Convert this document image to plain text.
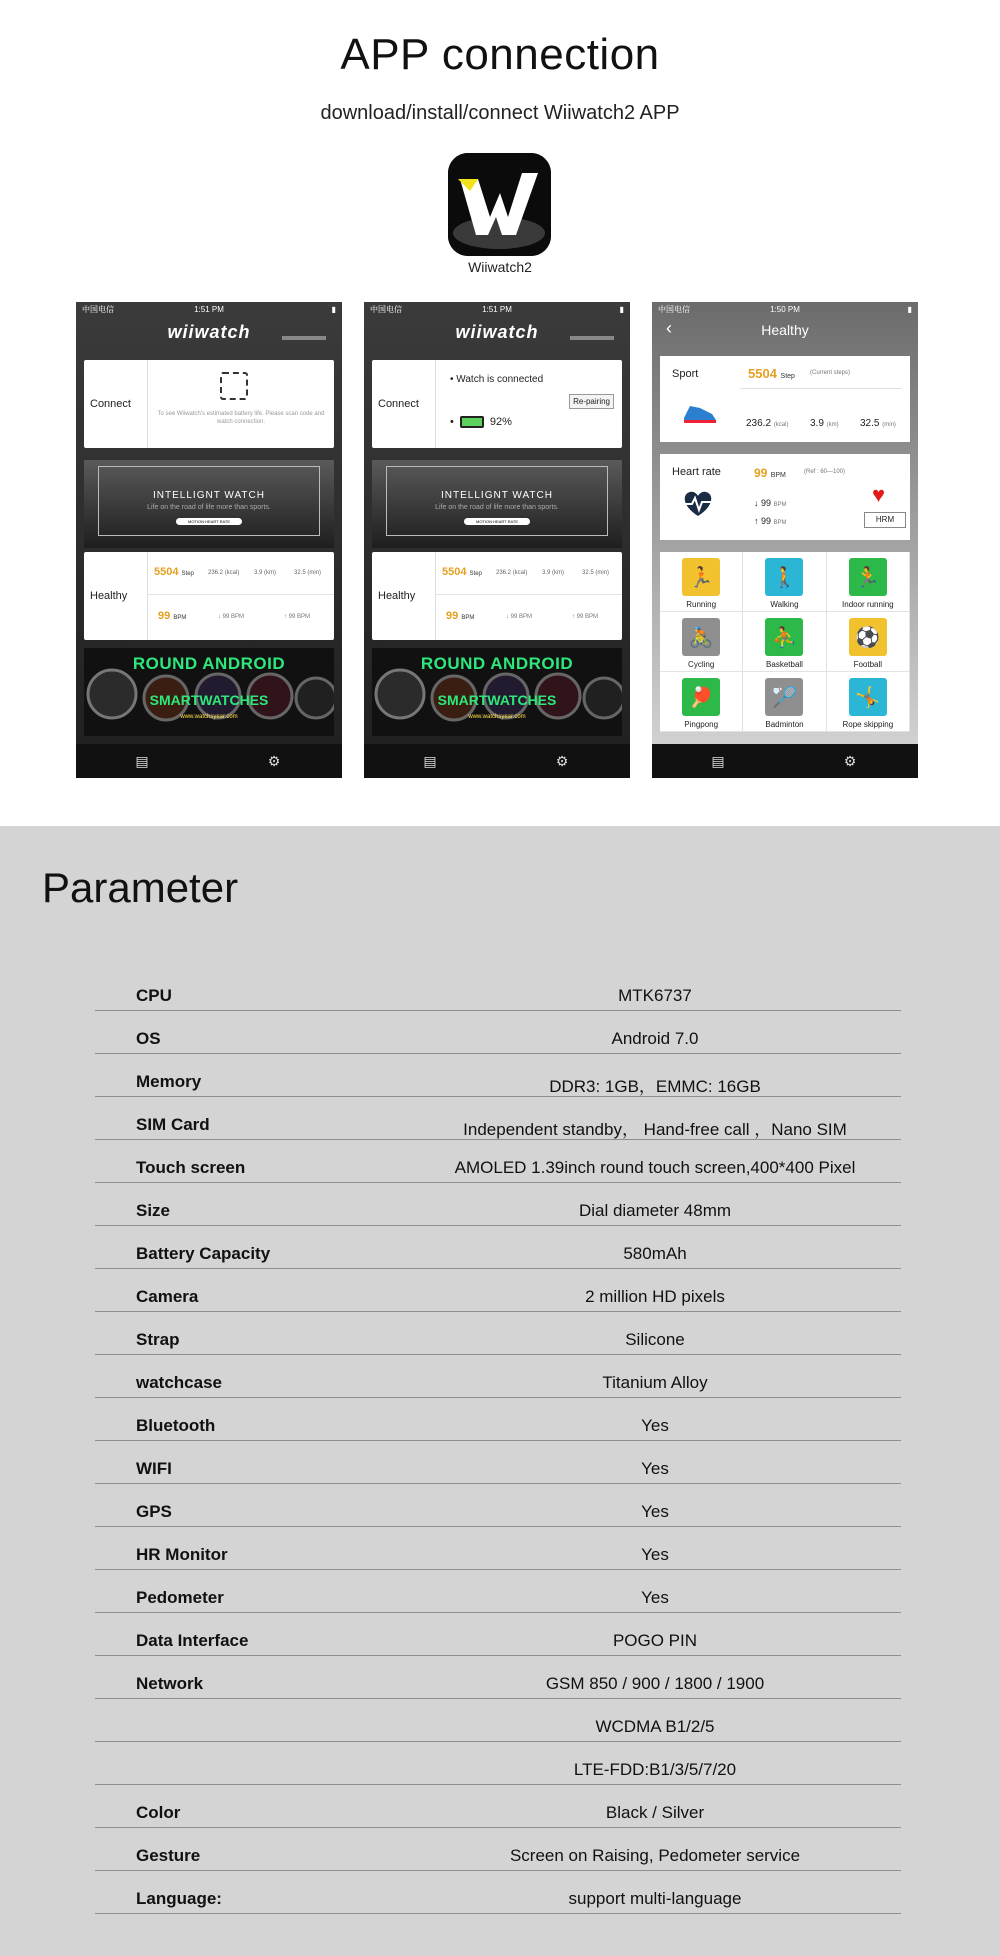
APP connection
download/install/connect Wiiwatch2 APP
Wiiwatch2
中国电信	1:51 PM	▮
wiiwatch
Connect
To see Wiiwatch's estimated battery life. Please scan code and watch connection.
INTELLIGNT WATCH
Life on the road of life more than sports.
MOTION HEART RATE
Healthy
5504 Step 236.2 (kcal) 3.9 (km)	32.5 (min)
99 BPM	↓ 99 BPM	↑ 99 BPM
ROUND ANDROID
SMARTWATCHES
www.watchsyear.com
▤	⚙
中国电信	1:51 PM	▮
wiiwatch
Connect
• Watch is connected
Re-pairing
•	92%
INTELLIGNT WATCH
Life on the road of life more than sports.
MOTION HEART RATE
Healthy
5504 Step 236.2 (kcal) 3.9 (km)	32.5 (min)
99 BPM	↓ 99 BPM	↑ 99 BPM
ROUND ANDROID
SMARTWATCHES
www.watchsyear.com
▤	⚙
中国电信	1:50 PM	▮
‹	Healthy
Sport	5504 Step	(Current steps)
236.2 (kcal) 3.9 (km) 32.5 (min)
Heart rate	99 BPM	(Ref : 60—100)
↓ 99 BPM
↑ 99 BPM
♥
HRM
🏃
Running
🚶
Walking
🏃
Indoor running
🚴
Cycling
⛹
Basketball
⚽
Football
🏓
Pingpong
🏸
Badminton
🤸
Rope skipping
▤	⚙
Parameter
CPU	MTK6737
OS	Android 7.0
Memory	DDR3: 1GB，EMMC: 16GB
SIM Card	Independent standby， Hand-free call ，Nano SIM
Touch screen	AMOLED 1.39inch round touch screen,400*400 Pixel
Size	Dial diameter 48mm
Battery Capacity	580mAh
Camera	2 million HD pixels
Strap	Silicone
watchcase	Titanium Alloy
Bluetooth	Yes
WIFI	Yes
GPS	Yes
HR Monitor	Yes
Pedometer	Yes
Data Interface	POGO PIN
Network	GSM 850 / 900 / 1800 / 1900
WCDMA B1/2/5
LTE-FDD:B1/3/5/7/20
Color	Black / Silver
Gesture	Screen on Raising, Pedometer service
Language:	support multi-language
